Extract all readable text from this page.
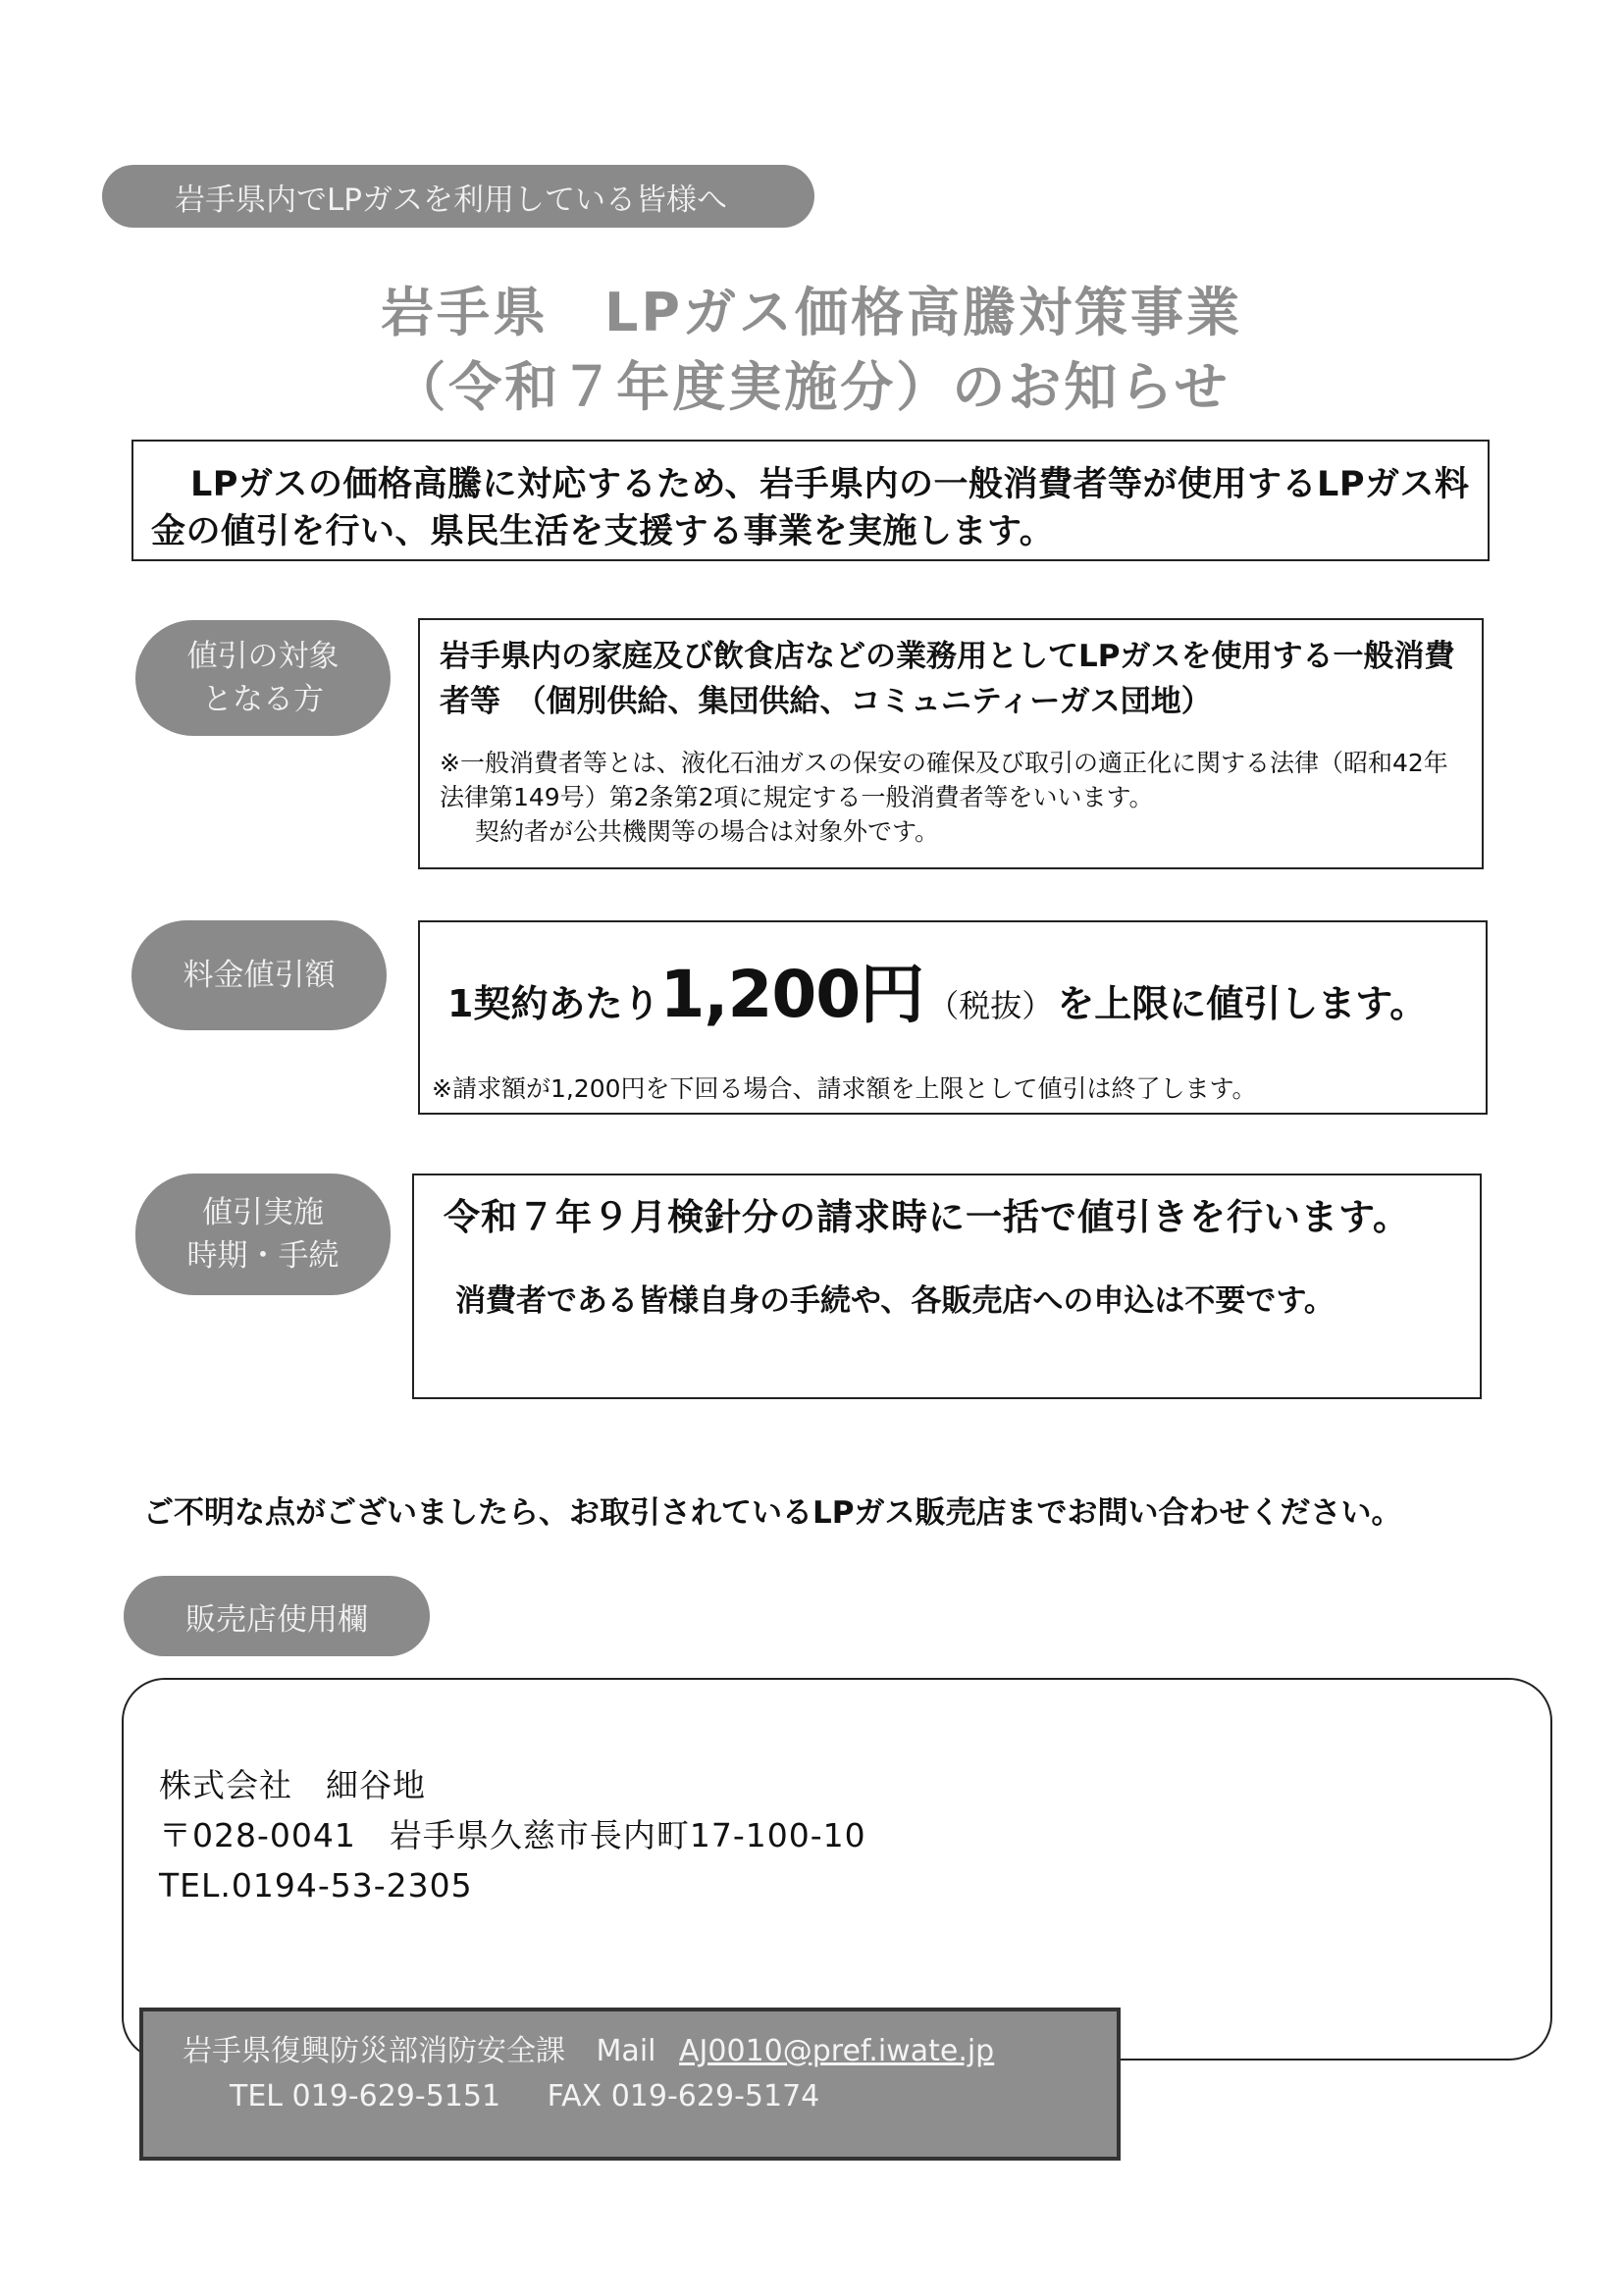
岩手県内でLPガスを利用している皆様へ
岩手県　LPガス価格高騰対策事業
（令和７年度実施分）のお知らせ
LPガスの価格高騰に対応するため、岩手県内の一般消費者等が使用するLPガス料金の値引を行い、県民生活を支援する事業を実施します。
値引の対象
となる方
岩手県内の家庭及び飲食店などの業務用としてLPガスを使用する一般消費者等　（個別供給、集団供給、コミュニティーガス団地）
※一般消費者等とは、液化石油ガスの保安の確保及び取引の適正化に関する法律（昭和42年法律第149号）第2条第2項に規定する一般消費者等をいいます。
契約者が公共機関等の場合は対象外です。
料金値引額
1契約あたり 1,200円 （税抜） を上限に値引します。
※請求額が1,200円を下回る場合、請求額を上限として値引は終了します。
値引実施
時期・手続
令和７年９月検針分の請求時に一括で値引きを行います。
消費者である皆様自身の手続や、各販売店への申込は不要です。
ご不明な点がございましたら、お取引されているLPガス販売店までお問い合わせください。
販売店使用欄
株式会社　細谷地
〒028-0041　岩手県久慈市長内町17-100-10
TEL.0194-53-2305
岩手県復興防災部消防安全課 Mail AJ0010@pref.iwate.jp
TEL 019-629-5151 FAX 019-629-5174
